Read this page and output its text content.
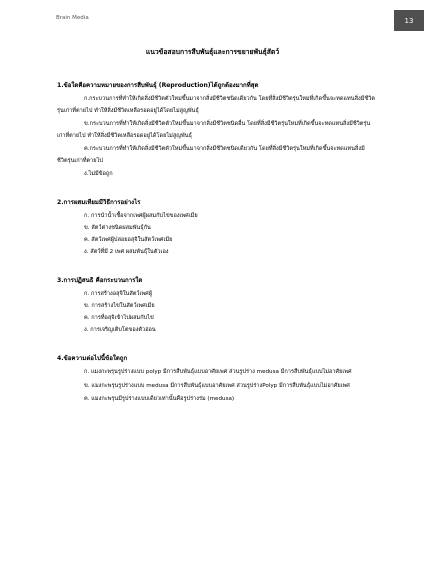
Brain Media	13
แนวข้อสอบการสืบพันธุ์และการขยายพันธุ์สัตว์
1.ข้อใดคือความหมายของการสืบพันธุ์ (Reproduction)ได้ถูกต้องมากที่สุด
ก.กระบวนการที่ทำให้เกิดสิ่งมีชีวิตตัวใหม่ขึ้นมาจากสิ่งมีชีวิตชนิดเดียวกัน โดยที่สิ่งมีชีวิตรุ่นใหม่ที่เกิดขึ้นจะทดแทนสิ่งมีชีวิตรุ่นเก่าที่ตายไป ทำให้สิ่งมีชีวิตเหลือรอดอยู่ได้โดยไม่สูญพันธุ์
ข.กระบวนการที่ทำให้เกิดสิ่งมีชีวิตตัวใหม่ขึ้นมาจากสิ่งมีชีวิตชนิดอื่น โดยที่สิ่งมีชีวิตรุ่นใหม่ที่เกิดขึ้นจะทดแทนสิ่งมีชีวิตรุ่นเก่าที่ตายไป ทำให้สิ่งมีชีวิตเหลือรอดอยู่ได้โดยไม่สูญพันธุ์
ค.กระบวนการที่ทำให้เกิดสิ่งมีชีวิตตัวใหม่ขึ้นมาจากสิ่งมีชีวิตชนิดเดียวกัน โดยที่สิ่งมีชีวิตรุ่นใหม่ที่เกิดขึ้นจะทดแทนสิ่งมีชีวิตรุ่นเก่าที่ตายไป
ง.ไม่มีข้อถูก
2.การผสมเทียมมีวิธีการอย่างไร
ก. การนำน้ำเชื้อจากเพศผู้ผสมกับไข่ของเพศเมีย
ข. สัตว์ต่างชนิดผสมพันธุ์กัน
ค. สัตว์เพศผู้ปล่อยอสุจิในสัตว์เพศเมีย
ง. สัตว์ที่มี 2 เพศ ผสมพันธุ์ในตัวเอง
3.การปฏิสนธิ คือกระบวนการใด
ก. การสร้างอสุจิในสัตว์เพศผู้
ข. การสร้างไข่ในสัตว์เพศเมีย
ค. การที่อสุจิเข้าไปผสมกับไข่
ง. การเจริญเติบโตของตัวอ่อน
4.ข้อความต่อไปนี้ข้อใดถูก
ก. แมงกะพรุนรูปร่างแบบ polyp มีการสืบพันธุ์แบบอาศัยเพศ ส่วนรูปร่าง medusa มีการสืบพันธุ์แบบไม่อาศัยเพศ
ข. แมงกะพรุนรูปร่างแบบ medusa มีการสืบพันธุ์แบบอาศัยเพศ ส่วนรูปร่างPolyp มีการสืบพันธุ์แบบไม่อาศัยเพศ
ค. แมงกะพรุนมีรูปร่างแบบเดียวเท่านั้นคือรูปร่างร่ม (medusa)
